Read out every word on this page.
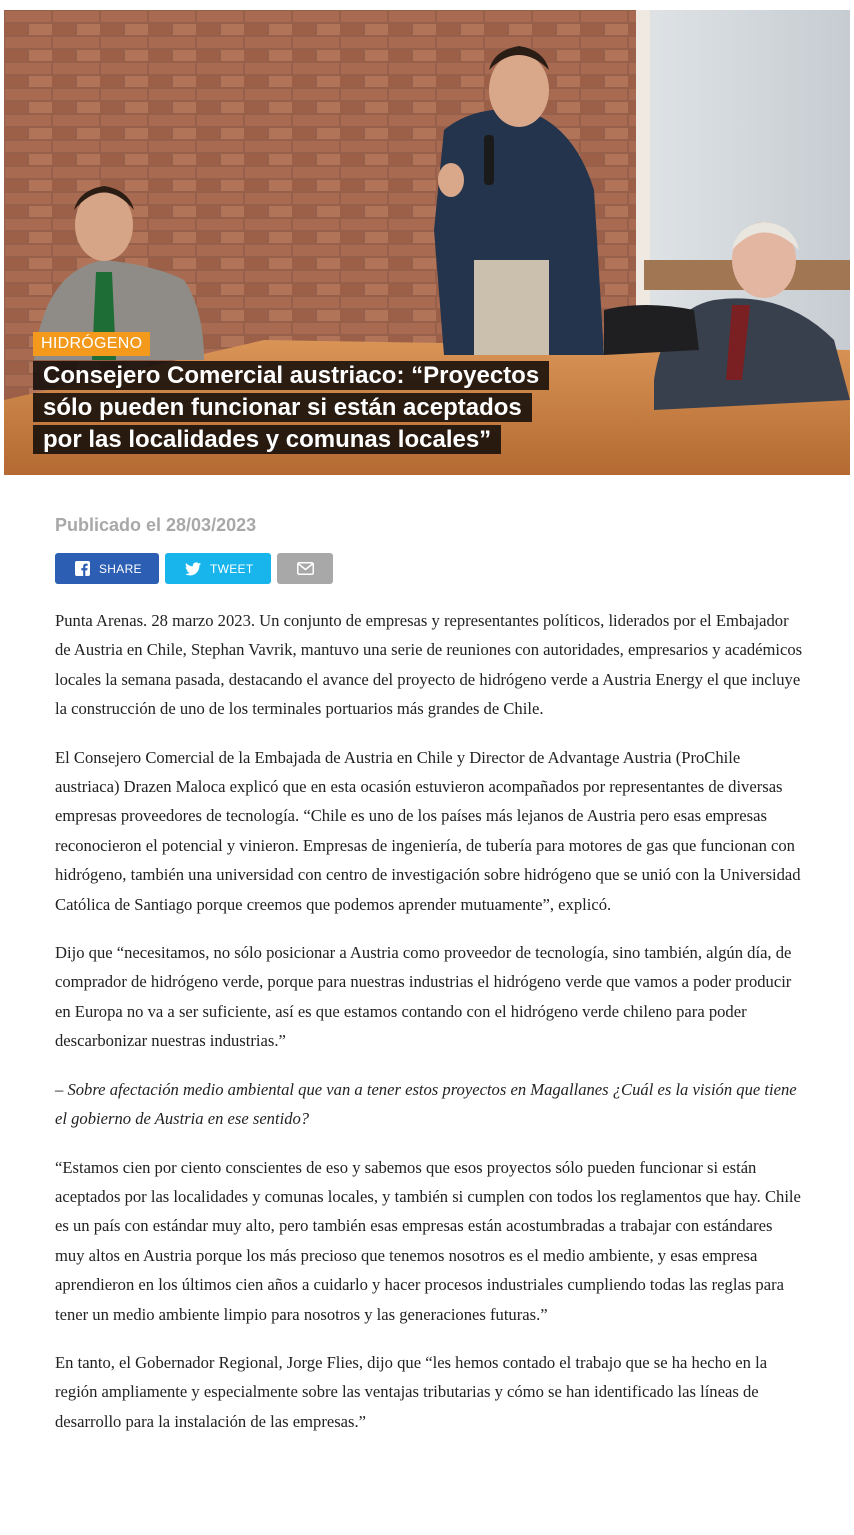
HIDRÓGENO
Consejero Comercial austriaco: “Proyectos
sólo pueden funcionar si están aceptados
por las localidades y comunas locales”

Publicado el 28/03/2023

SHARE	TWEET

Punta Arenas. 28 marzo 2023. Un conjunto de empresas y representantes políticos, liderados por el Embajador de Austria en Chile, Stephan Vavrik, mantuvo una serie de reuniones con autoridades, empresarios y académicos locales la semana pasada, destacando el avance del proyecto de hidrógeno verde a Austria Energy el que incluye la construcción de uno de los terminales portuarios más grandes de Chile.

El Consejero Comercial de la Embajada de Austria en Chile y Director de Advantage Austria (ProChile austriaca) Drazen Maloca explicó que en esta ocasión estuvieron acompañados por representantes de diversas empresas proveedores de tecnología. “Chile es uno de los países más lejanos de Austria pero esas empresas reconocieron el potencial y vinieron. Empresas de ingeniería, de tubería para motores de gas que funcionan con hidrógeno, también una universidad con centro de investigación sobre hidrógeno que se unió con la Universidad Católica de Santiago porque creemos que podemos aprender mutuamente”, explicó.

Dijo que “necesitamos, no sólo posicionar a Austria como proveedor de tecnología, sino también, algún día, de comprador de hidrógeno verde, porque para nuestras industrias el hidrógeno verde que vamos a poder producir en Europa no va a ser suficiente, así es que estamos contando con el hidrógeno verde chileno para poder descarbonizar nuestras industrias.”

– Sobre afectación medio ambiental que van a tener estos proyectos en Magallanes ¿Cuál es la visión que tiene el gobierno de Austria en ese sentido?

“Estamos cien por ciento conscientes de eso y sabemos que esos proyectos sólo pueden funcionar si están aceptados por las localidades y comunas locales, y también si cumplen con todos los reglamentos que hay. Chile es un país con estándar muy alto, pero también esas empresas están acostumbradas a trabajar con estándares muy altos en Austria porque los más precioso que tenemos nosotros es el medio ambiente, y esas empresa aprendieron en los últimos cien años a cuidarlo y hacer procesos industriales cumpliendo todas las reglas para tener un medio ambiente limpio para nosotros y las generaciones futuras.”

En tanto, el Gobernador Regional, Jorge Flies, dijo que “les hemos contado el trabajo que se ha hecho en la región ampliamente y especialmente sobre las ventajas tributarias y cómo se han identificado las líneas de desarrollo para la instalación de las empresas.”
